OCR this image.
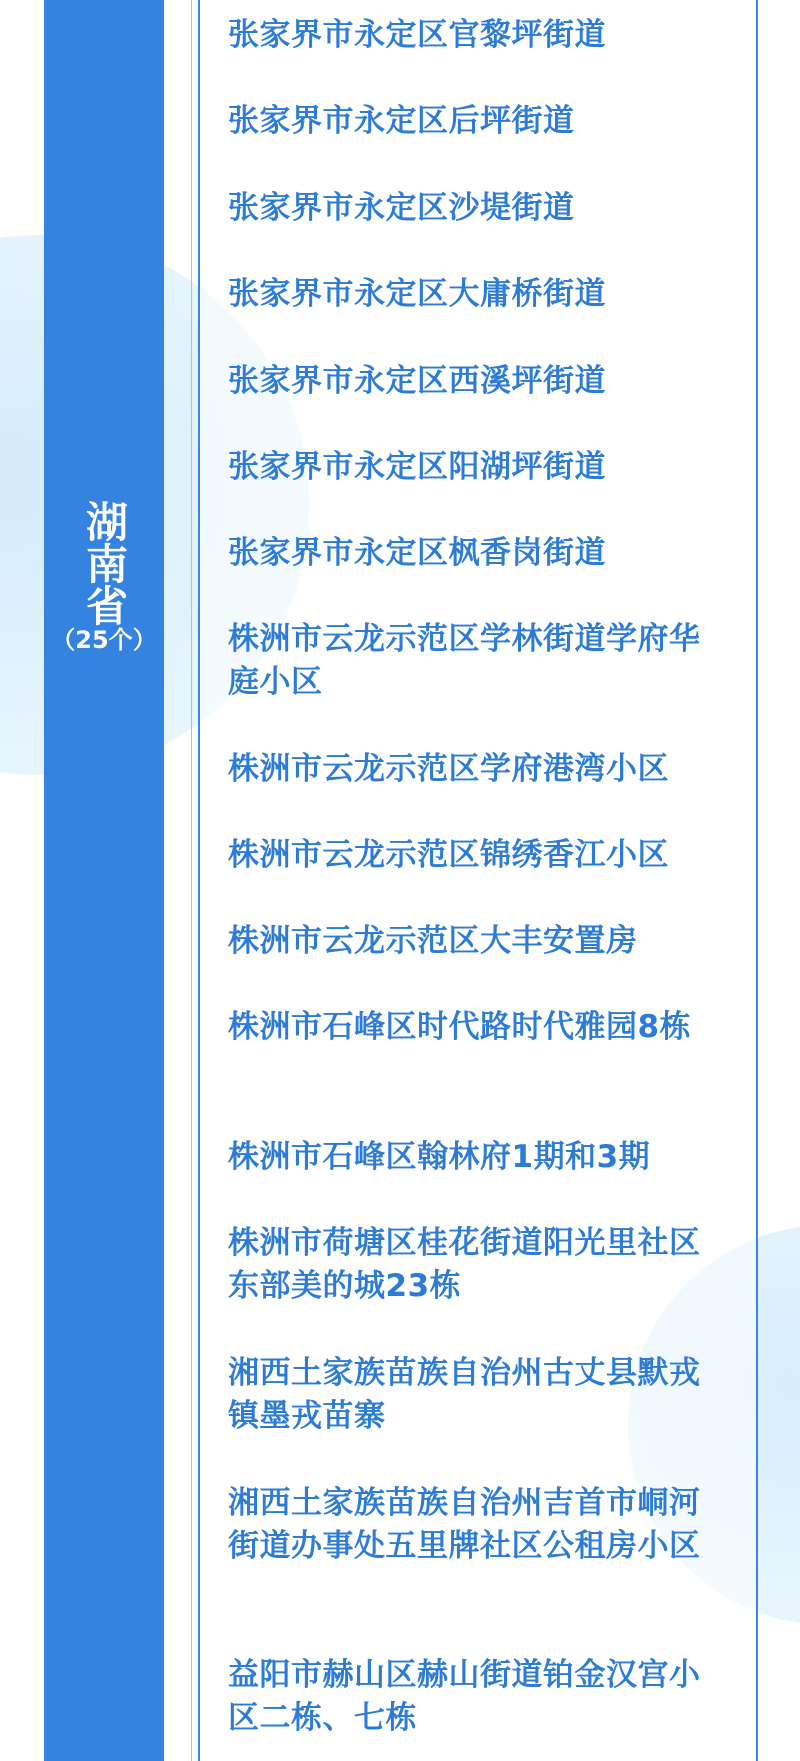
湖南省
（25个）
张家界市永定区官黎坪街道
张家界市永定区后坪街道
张家界市永定区沙堤街道
张家界市永定区大庸桥街道
张家界市永定区西溪坪街道
张家界市永定区阳湖坪街道
张家界市永定区枫香岗街道
株洲市云龙示范区学林街道学府华庭小区
株洲市云龙示范区学府港湾小区
株洲市云龙示范区锦绣香江小区
株洲市云龙示范区大丰安置房
株洲市石峰区时代路时代雅园8栋
株洲市石峰区翰林府1期和3期
株洲市荷塘区桂花街道阳光里社区东部美的城23栋
湘西土家族苗族自治州古丈县默戎镇墨戎苗寨
湘西土家族苗族自治州吉首市峒河街道办事处五里牌社区公租房小区
益阳市赫山区赫山街道铂金汉宫小区二栋、七栋
